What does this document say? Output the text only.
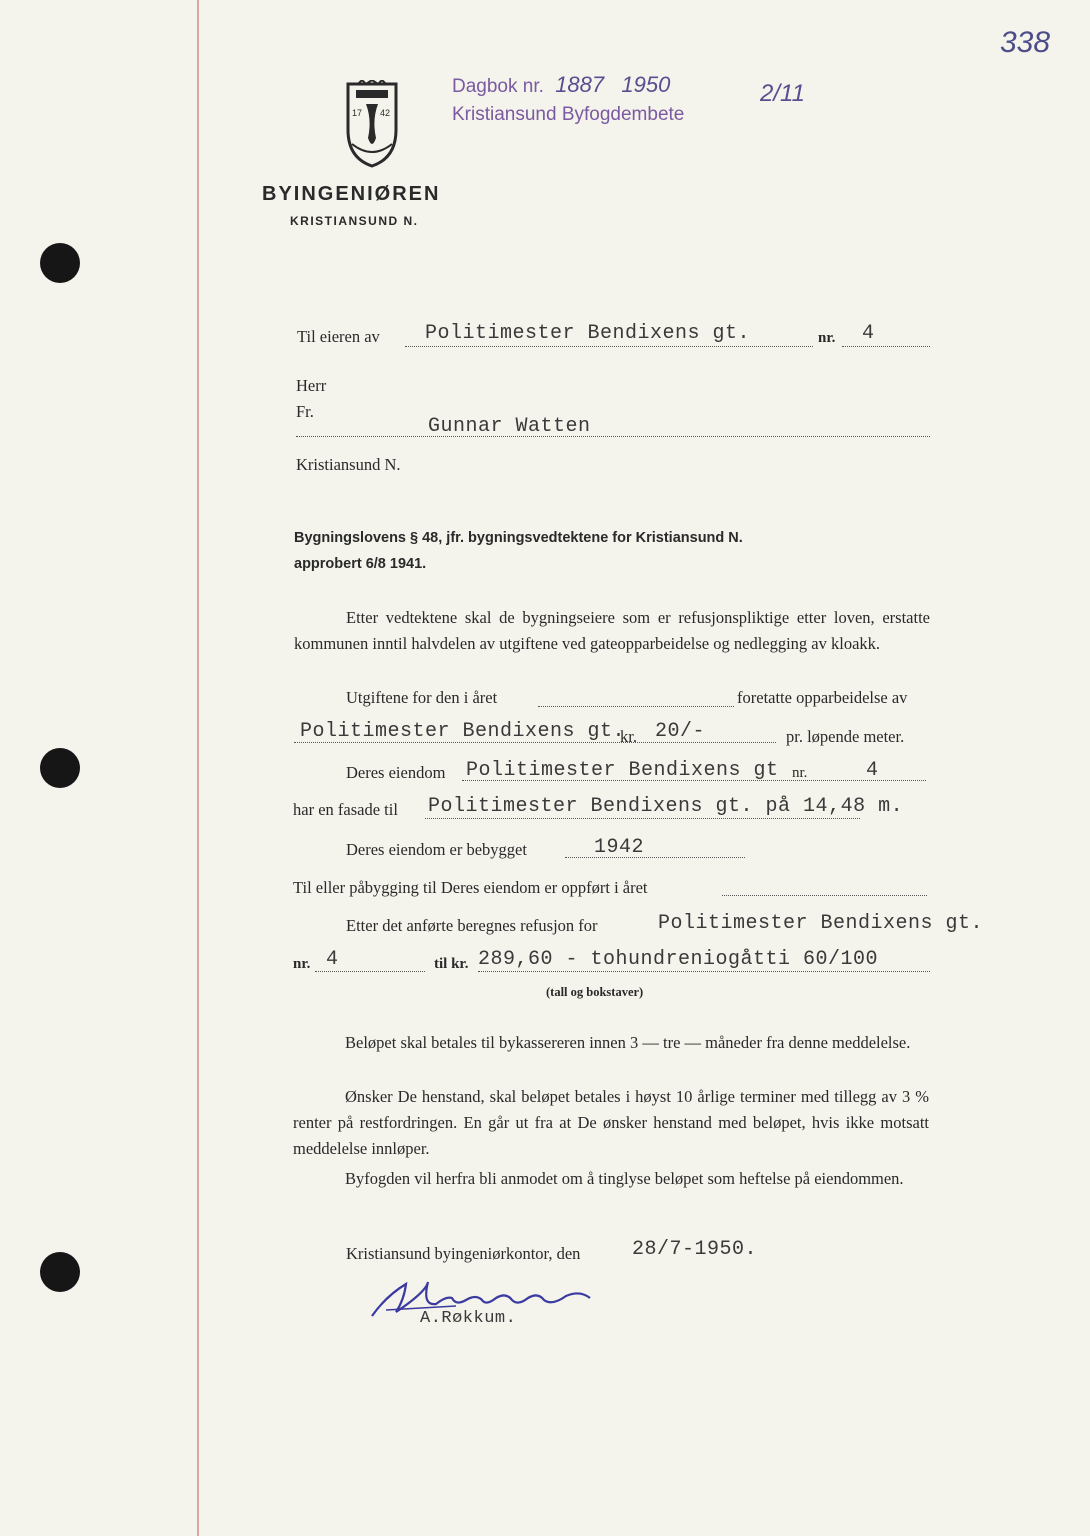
338
17 42
Dagbok nr. 1887 1950	2/11
Kristiansund Byfogdembete
BYINGENIØREN
KRISTIANSUND N.
Til eieren av Politimester Bendixens gt.	nr. 4
Herr
Fr.
Gunnar Watten
Kristiansund N.
Bygningslovens § 48, jfr. bygningsvedtektene for Kristiansund N.
approbert 6/8 1941.
Etter vedtektene skal de bygningseiere som er refusjonspliktige etter loven, erstatte kommunen inntil halvdelen av utgiftene ved gateopparbeidelse og nedlegging av kloakk.
Utgiftene for den i året	foretatte opparbeidelse av
Politimester Bendixens gt.
kr. 20/-	pr. løpende meter.
Deres eiendom Politimester Bendixens gt nr.	4
har en fasade til Politimester Bendixens gt. på 14,48 m.
Deres eiendom er bebygget	1942
Til eller påbygging til Deres eiendom er oppført i året
Etter det anførte beregnes refusjon for	Politimester Bendixens gt.
nr. 4	til kr. 289,60 - tohundreniogåtti 60/100
(tall og bokstaver)
Beløpet skal betales til bykassereren innen 3 — tre — måneder fra denne meddelelse.
Ønsker De henstand, skal beløpet betales i høyst 10 årlige terminer med tillegg av 3 % renter på restfordringen. En går ut fra at De ønsker henstand med beløpet, hvis ikke motsatt meddelelse innløper.
Byfogden vil herfra bli anmodet om å tinglyse beløpet som heftelse på eiendommen.
Kristiansund byingeniørkontor, den	28/7-1950.
A.Røkkum.
